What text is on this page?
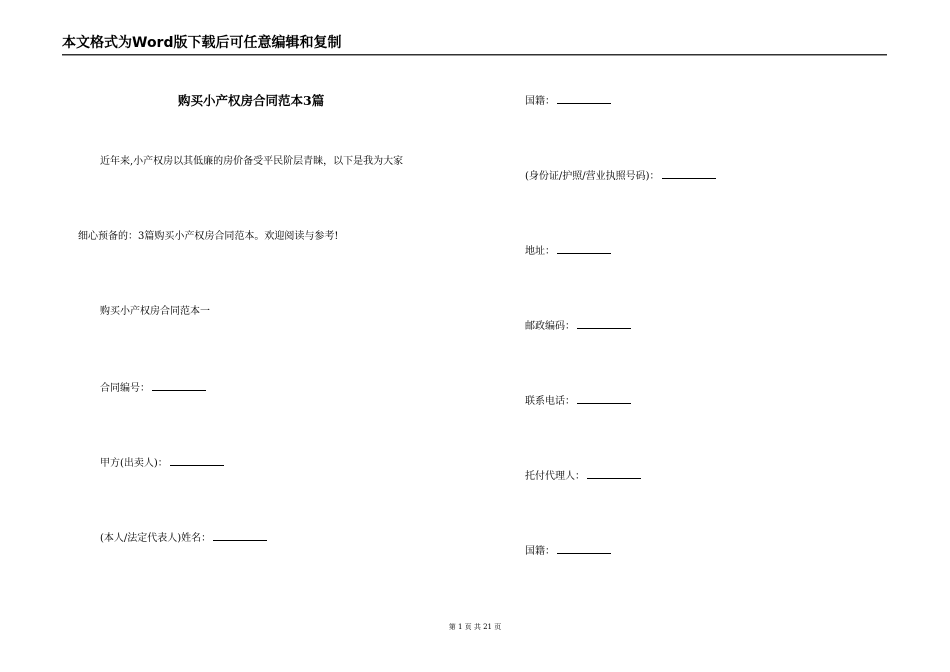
本文格式为Word版下载后可任意编辑和复制
购买小产权房合同范本3篇
近年来,小产权房以其低廉的房价备受平民阶层青睐，以下是我为大家
细心预备的：3篇购买小产权房合同范本。欢迎阅读与参考!
购买小产权房合同范本一
合同编号：
甲方(出卖人)：
(本人/法定代表人)姓名：
国籍：
(身份证/护照/营业执照号码)：
地址：
邮政编码：
联系电话：
托付代理人：
国籍：
第 1 页 共 21 页
